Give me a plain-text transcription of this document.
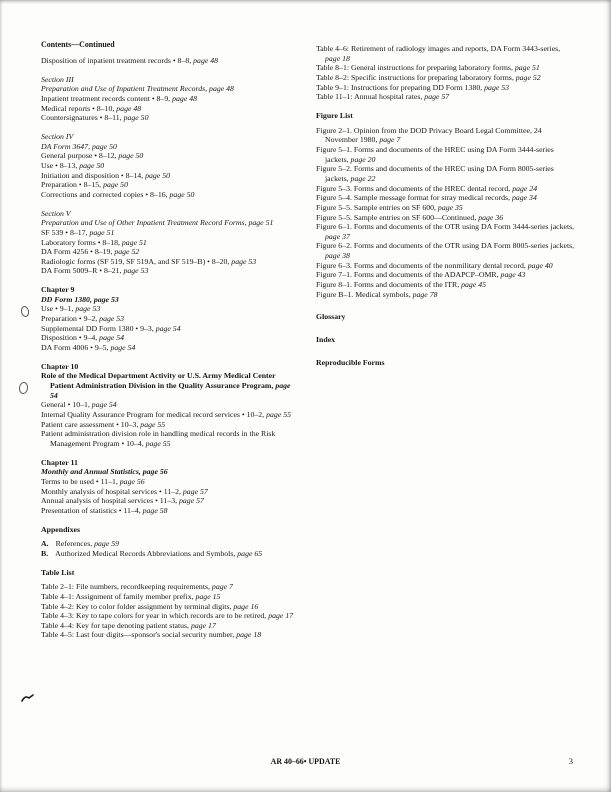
Contents—Continued
Disposition of inpatient treatment records • 8–8, page 48
Section III
Preparation and Use of Inpatient Treatment Records, page 48
Inpatient treatment records content • 8–9, page 48
Medical reports • 8–10, page 48
Countersignatures • 8–11, page 50
Section IV
DA Form 3647, page 50
General purpose • 8–12, page 50
Use • 8–13, page 50
Initiation and disposition • 8–14, page 50
Preparation • 8–15, page 50
Corrections and corrected copies • 8–16, page 50
Section V
Preparation and Use of Other Inpatient Treatment Record Forms, page 51
SF 539 • 8–17, page 51
Laboratory forms • 8–18, page 51
DA Form 4256 • 8–19, page 52
Radiologic forms (SF 519, SF 519A, and SF 519–B) • 8–20, page 53
DA Form 5009–R • 8–21, page 53
Chapter 9
DD Form 1380, page 53
Use • 9–1, page 53
Preparation • 9–2, page 53
Supplemental DD Form 1380 • 9–3, page 54
Disposition • 9–4, page 54
DA Form 4006 • 9–5, page 54
Chapter 10
Role of the Medical Department Activity or U.S. Army Medical Center Patient Administration Division in the Quality Assurance Program, page 54
General • 10–1, page 54
Internal Quality Assurance Program for medical record services • 10–2, page 55
Patient care assessment • 10–3, page 55
Patient administration division role in handling medical records in the Risk Management Program • 10–4, page 55
Chapter 11
Monthly and Annual Statistics, page 56
Terms to be used • 11–1, page 56
Monthly analysis of hospital services • 11–2, page 57
Annual analysis of hospital services • 11–3, page 57
Presentation of statistics • 11–4, page 58
Appendixes
A. References, page 59
B. Authorized Medical Records Abbreviations and Symbols, page 65
Table List
Table 2–1: File numbers, recordkeeping requirements, page 7
Table 4–1: Assignment of family member prefix, page 15
Table 4–2: Key to color folder assignment by terminal digits, page 16
Table 4–3: Key to tape colors for year in which records are to be retired, page 17
Table 4–4: Key for tape denoting patient status, page 17
Table 4–5: Last four digits—sponsor's social security number, page 18
Table 4–6: Retirement of radiology images and reports, DA Form 3443-series, page 18
Table 8–1: General instructions for preparing laboratory forms, page 51
Table 8–2: Specific instructions for preparing laboratory forms, page 52
Table 9–1: Instructions for preparing DD Form 1380, page 53
Table 11–1: Annual hospital rates, page 57
Figure List
Figure 2–1. Opinion from the DOD Privacy Board Legal Committee, 24 November 1980, page 7
Figure 5–1. Forms and documents of the HREC using DA Form 3444-series jackets, page 20
Figure 5–2. Forms and documents of the HREC using DA Form 8005-series jackets, page 22
Figure 5–3. Forms and documents of the HREC dental record, page 24
Figure 5–4. Sample message format for stray medical records, page 34
Figure 5–5. Sample entries on SF 600, page 35
Figure 5–5. Sample entries on SF 600—Continued, page 36
Figure 6–1. Forms and documents of the OTR using DA Form 3444-series jackets, page 37
Figure 6–2. Forms and documents of the OTR using DA Form 8005-series jackets, page 38
Figure 6–3. Forms and documents of the nonmilitary dental record, page 40
Figure 7–1. Forms and documents of the ADAPCP–OMR, page 43
Figure 8–1. Forms and documents of the ITR, page 45
Figure B–1. Medical symbols, page 78
Glossary
Index
Reproducible Forms
AR 40–66• UPDATE	3
